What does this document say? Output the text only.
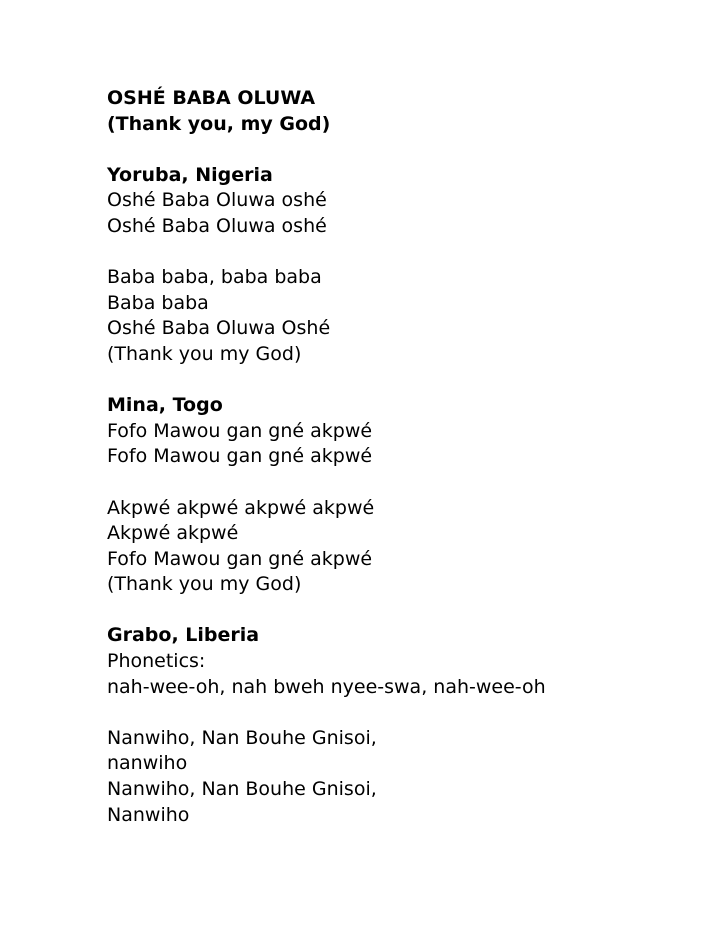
OSHÉ BABA OLUWA
(Thank you, my God)
Yoruba, Nigeria
Oshé Baba Oluwa oshé
Oshé Baba Oluwa oshé
Baba baba, baba baba
Baba baba
Oshé Baba Oluwa Oshé
(Thank you my God)
Mina, Togo
Fofo Mawou gan gné akpwé
Fofo Mawou gan gné akpwé
Akpwé akpwé akpwé akpwé
Akpwé akpwé
Fofo Mawou gan gné akpwé
(Thank you my God)
Grabo, Liberia
Phonetics:
nah-wee-oh, nah bweh nyee-swa, nah-wee-oh
Nanwiho, Nan Bouhe Gnisoi,
nanwiho
Nanwiho, Nan Bouhe Gnisoi,
Nanwiho
